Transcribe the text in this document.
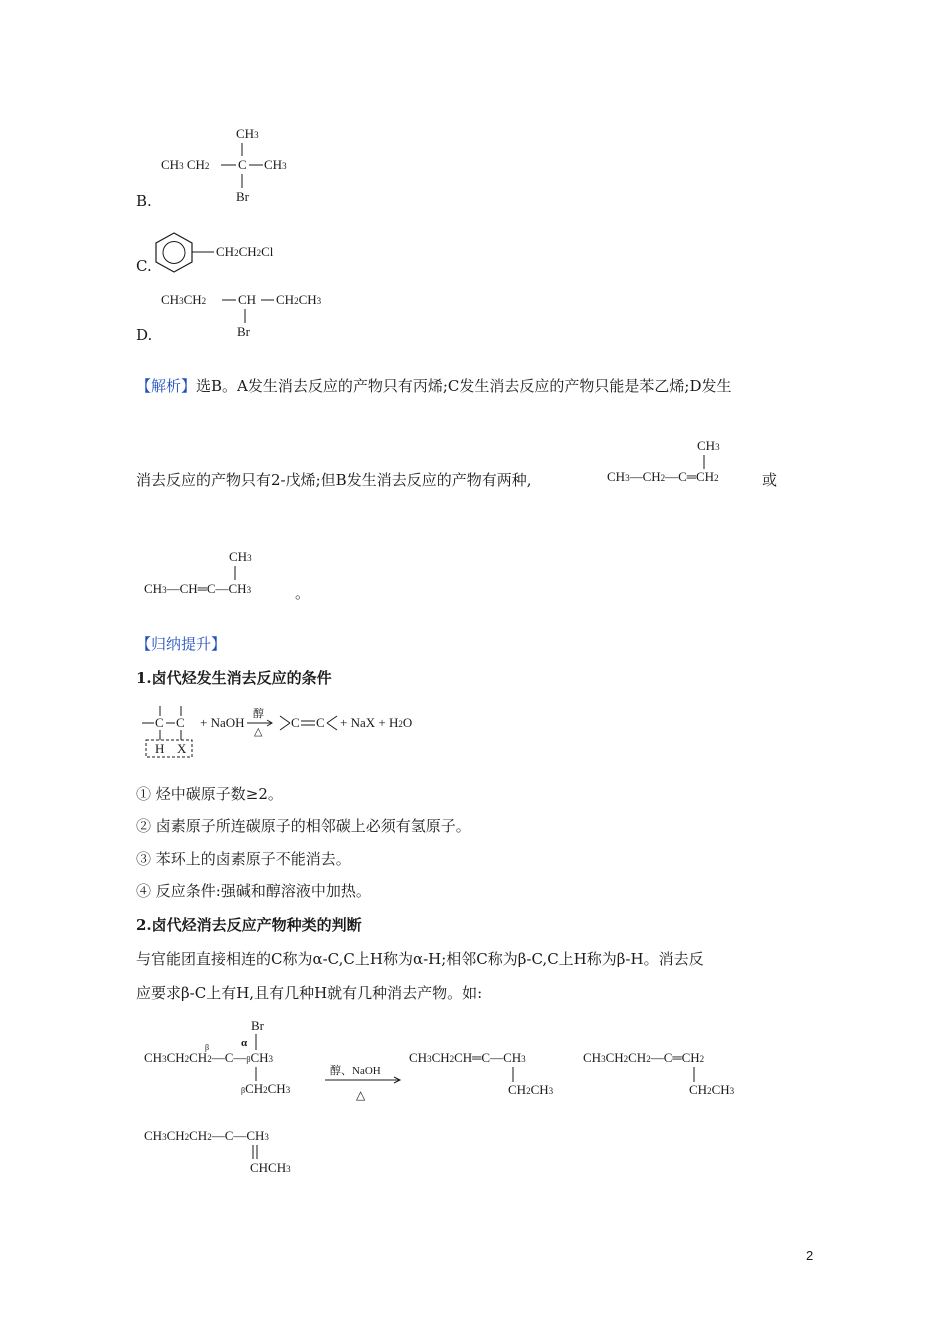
B.
CH3
CH3 CH2 C CH3
Br
C.
CH2CH2Cl
D.
CH3CH2 CH CH2CH3
Br
【解析】选B。A发生消去反应的产物只有丙烯;C发生消去反应的产物只能是苯乙烯;D发生
消去反应的产物只有2-戊烯;但B发生消去反应的产物有两种,
CH3
CH3—CH2—C═CH2	或
CH3
CH3—CH═C—CH3	。
【归纳提升】
1.卤代烃发生消去反应的条件
C C	C C
+ NaOH
醇
△
H X
+ NaX + H2O
① 烃中碳原子数≥2。
② 卤素原子所连碳原子的相邻碳上必须有氢原子。
③ 苯环上的卤素原子不能消去。
④ 反应条件:强碱和醇溶液中加热。
2.卤代烃消去反应产物种类的判断
与官能团直接相连的C称为α-C,C上H称为α-H;相邻C称为β-C,C上H称为β-H。消去反
应要求β-C上有H,且有几种H就有几种消去产物。如:
Br
α
β
CH3CH2CH2—C—βCH3
βCH2CH3
醇、NaOH
△
CH3CH2CH═C—CH3
CH2CH3
CH3CH2CH2—C═CH2
CH2CH3
CH3CH2CH2—C—CH3
CHCH3
2
